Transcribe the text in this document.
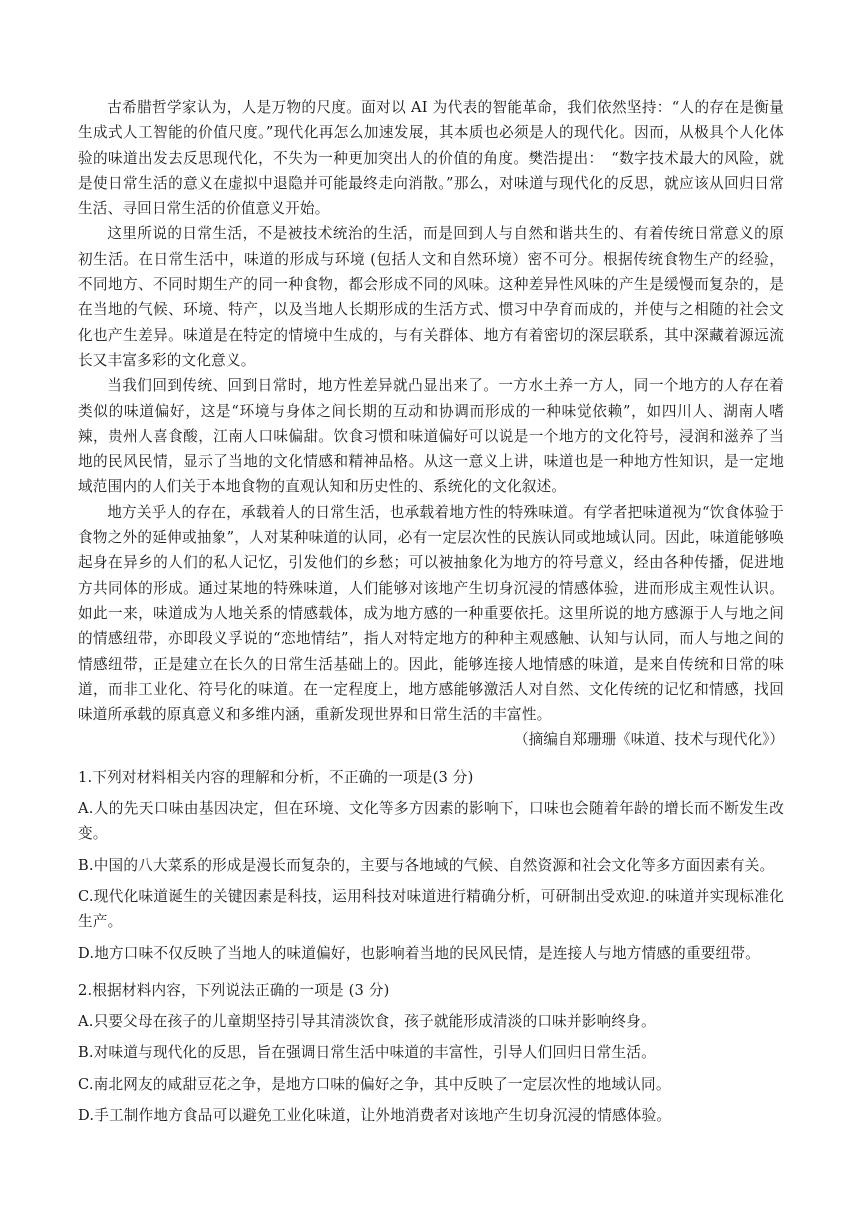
古希腊哲学家认为，人是万物的尺度。面对以 AI 为代表的智能革命，我们依然坚持：“人的存在是衡量生成式人工智能的价值尺度。”现代化再怎么加速发展，其本质也必须是人的现代化。因而，从极具个人化体验的味道出发去反思现代化，不失为一种更加突出人的价值的角度。樊浩提出：　“数字技术最大的风险，就是使日常生活的意义在虚拟中退隐并可能最终走向消散。”那么，对味道与现代化的反思，就应该从回归日常生活、寻回日常生活的价值意义开始。

这里所说的日常生活，不是被技术统治的生活，而是回到人与自然和谐共生的、有着传统日常意义的原初生活。在日常生活中，味道的形成与环境 (包括人文和自然环境）密不可分。根据传统食物生产的经验，不同地方、不同时期生产的同一种食物，都会形成不同的风味。这种差异性风味的产生是缓慢而复杂的，是在当地的气候、环境、特产，以及当地人长期形成的生活方式、惯习中孕育而成的，并使与之相随的社会文化也产生差异。味道是在特定的情境中生成的，与有关群体、地方有着密切的深层联系，其中深藏着源远流长又丰富多彩的文化意义。

当我们回到传统、回到日常时，地方性差异就凸显出来了。一方水土养一方人，同一个地方的人存在着类似的味道偏好，这是“环境与身体之间长期的互动和协调而形成的一种味觉依赖”，如四川人、湖南人嗜辣，贵州人喜食酸，江南人口味偏甜。饮食习惯和味道偏好可以说是一个地方的文化符号，浸润和滋养了当地的民风民情，显示了当地的文化情感和精神品格。从这一意义上讲，味道也是一种地方性知识，是一定地域范围内的人们关于本地食物的直观认知和历史性的、系统化的文化叙述。

地方关乎人的存在，承载着人的日常生活，也承载着地方性的特殊味道。有学者把味道视为“饮食体验于食物之外的延伸或抽象”，人对某种味道的认同，必有一定层次性的民族认同或地域认同。因此，味道能够唤起身在异乡的人们的私人记忆，引发他们的乡愁；可以被抽象化为地方的符号意义，经由各种传播，促进地方共同体的形成。通过某地的特殊味道，人们能够对该地产生切身沉浸的情感体验，进而形成主观性认识。如此一来，味道成为人地关系的情感载体，成为地方感的一种重要依托。这里所说的地方感源于人与地之间的情感纽带，亦即段义孚说的“恋地情结”，指人对特定地方的种种主观感触、认知与认同，而人与地之间的情感纽带，正是建立在长久的日常生活基础上的。因此，能够连接人地情感的味道，是来自传统和日常的味道，而非工业化、符号化的味道。在一定程度上，地方感能够激活人对自然、文化传统的记忆和情感，找回味道所承载的原真意义和多维内涵，重新发现世界和日常生活的丰富性。

（摘编自郑珊珊《味道、技术与现代化》）

1.下列对材料相关内容的理解和分析，不正确的一项是(3 分)

A.人的先天口味由基因决定，但在环境、文化等多方因素的影响下，口味也会随着年龄的增长而不断发生改变。

B.中国的八大菜系的形成是漫长而复杂的，主要与各地域的气候、自然资源和社会文化等多方面因素有关。

C.现代化味道诞生的关键因素是科技，运用科技对味道进行精确分析，可研制出受欢迎.的味道并实现标准化生产。

D.地方口味不仅反映了当地人的味道偏好，也影响着当地的民风民情，是连接人与地方情感的重要纽带。

2.根据材料内容，下列说法正确的一项是 (3 分)

A.只要父母在孩子的儿童期坚持引导其清淡饮食，孩子就能形成清淡的口味并影响终身。

B.对味道与现代化的反思，旨在强调日常生活中味道的丰富性，引导人们回归日常生活。

C.南北网友的咸甜豆花之争，是地方口味的偏好之争，其中反映了一定层次性的地域认同。

D.手工制作地方食品可以避免工业化味道，让外地消费者对该地产生切身沉浸的情感体验。
